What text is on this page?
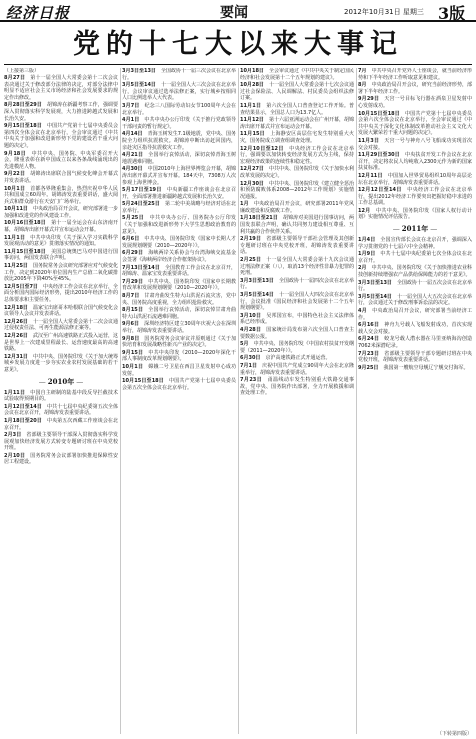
经济日报	要闻	2012年10月31日 星期三 3版
党的十七大以来大事记

（上接第三版）

8月27日　 第十一届全国人大常委会第十二次会议表决通过关于修改部分法律的决定，对部分法律中明显不适应社会主义市场经济和社会发展要求的规定作出修改。

8月28日至29日　 胡锦涛在新疆考察工作，强调要深入贯彻落实科学发展观，大力推进跨越式发展和长治久安。

9月15日至18日　 中国共产党第十七届中央委员会第四次全体会议在北京举行，全会审议通过《中共中央关于加强和改进新形势下党的建设若干重大问题的决定》。

9月18日　 中共中央、国务院、中央军委召开大会，隆重表彰在新中国成立以来各条战线涌现出的先进模范人物。

9月22日　 胡锦涛出席联合国气候变化峰会开幕式并发表讲话。

10月1日　 首都各界隆重集会，热烈庆祝中华人民共和国成立60周年。胡锦涛发表重要讲话，盛大阅兵式和群众游行在天安门广场举行。

10月11日　 中央政治局召开会议，研究部署进一步加强和改进党的作风建设工作。

10月16日至18日　 第十一届全运会在山东济南开幕，胡锦涛出席开幕式并宣布运动会开幕。

11月1日　 中共中央印发《关于深入学习实践科学发展观活动的意见》贯彻落实情况的通知。

11月15日至18日　 美国总统奥巴马对中国进行国事访问，两国发表联合声明。

11月25日　 国务院常务会议研究部署应对气候变化工作，决定到2020年单位国内生产总值二氧化碳排放比2005年下降40%至45%。

12月5日至7日　 中央经济工作会议在北京举行，全面分析国内国际经济形势，提出2010年经济工作的总体要求和主要任务。

12月18日　 温家宝出席哥本哈根联合国气候变化会议领导人会议并发表讲话。

12月26日　 十一届全国人大常委会第十二次会议通过侵权责任法、可再生能源法修正案等。

12月26日　 武汉至广州高速铁路正式投入运营，这是世界上一次建成里程最长、运营速度最高的高速铁路。

12月31日　 中共中央、国务院印发《关于加大统筹城乡发展力度进一步夯实农业农村发展基础的若干意见》。

— 2010年 —

1月11日　 中国自主研制的陆基中段反导拦截技术试验取得预期目的。

1月12日至14日　 中共十七届中央纪委第五次全体会议在北京召开，胡锦涛发表重要讲话。

1月18日至20日　 中央第五次西藏工作座谈会在北京召开。

2月3日　 省部级主要领导干部深入贯彻落实科学发展观加快经济发展方式转变专题研讨班在中央党校开班。

2月10日　 国务院常务会议部署加快推进保障性安居工程建设。

3月3日至13日　 全国政协十一届三次会议在北京举行。

3月5日至14日　 十一届全国人大三次会议在北京举行，会议审议通过选举法修正案，实行城乡按相同人口比例选举人大代表。

3月7日　 纪念三八国际劳动妇女节100周年大会在北京举行。

4月1日　 中共中央办公厅印发《关于推行党政领导干部问责的暂行规定》。

4月14日　 青海玉树发生7.1级地震，党中央、国务院全力组织抗震救灾。胡锦涛中断出访赶回国内，亲赴灾区指导抗震救灾工作。

4月21日　 全国举行哀悼活动，深切哀悼青海玉树地震遇难同胞。

4月30日　 中国2010年上海世界博览会开幕，胡锦涛出席开幕式并宣布开幕。184天中，7308万人次参观上海世博会。

5月17日至19日　 中央新疆工作座谈会在北京召开，全面部署推进新疆跨越式发展和长治久安。

5月24日至25日　 第二轮中美战略与经济对话在北京举行。

5月25日　 中共中央办公厅、国务院办公厅印发《关于加强和改进新形势下大学生思想政治教育的意见》。

6月6日　 中共中央、国务院印发《国家中长期人才发展规划纲要（2010—2020年）》。

6月29日　 海峡两岸关系协会与台湾海峡交流基金会签署《海峡两岸经济合作框架协议》。

7月13日至14日　 全国教育工作会议在北京召开，胡锦涛、温家宝发表重要讲话。

7月29日　 中共中央、国务院印发《国家中长期教育改革和发展规划纲要（2010—2020年）》。

8月7日　 甘肃舟曲发生特大山洪泥石流灾害，党中央、国务院高度重视，全力组织抢险救灾。

8月15日　 全国举行哀悼活动，深切哀悼甘肃舟曲特大山洪泥石流遇难同胞。

9月6日　 深圳经济特区建立30周年庆祝大会在深圳举行，胡锦涛发表重要讲话。

9月8日　 国务院常务会议审议并原则通过《关于加快培育和发展战略性新兴产业的决定》。

9月15日　 中共中央印发《2010—2020年深化干部人事制度改革规划纲要》。

10月1日　 嫦娥二号卫星在西昌卫星发射中心成功发射。

10月15日至18日　 中国共产党第十七届中央委员会第五次全体会议在北京举行。

10月18日　 全会审议通过《中共中央关于制定国民经济和社会发展第十二个五年规划的建议》。

10月28日　 十一届全国人大常委会第十七次会议通过社会保险法、人民调解法、村民委员会组织法修订案。

11月1日　 第六次全国人口普查登记工作开始。普查结果显示，全国总人口为13.7亿人。

11月12日　 第十六届亚洲运动会在广州开幕，胡锦涛出席开幕式并宣布运动会开幕。

11月15日　 上海静安区高层住宅发生特别重大火灾，国务院成立调查组调查处理。

12月10日至12日　 中央经济工作会议在北京举行，强调要以加快转变经济发展方式为主线，保持宏观经济政策的连续性和稳定性。

12月27日　 中共中央、国务院印发《关于加快水利改革发展的决定》。

12月30日　 中共中央、国务院印发《建立健全惩治和预防腐败体系2008—2012年工作规划》实施情况通报。

1月　 中央政治局召开会议，研究部署2011年党风廉政建设和反腐败工作。

1月18日至21日　 胡锦涛对美国进行国事访问，两国发表联合声明，确认共同努力建设相互尊重、互利共赢的合作伙伴关系。

2月19日　 省部级主要领导干部社会管理及其创新专题研讨班在中央党校开班，胡锦涛发表重要讲话。

2月25日　 十一届全国人大常委会第十九次会议通过刑法修正案（八），取消13个经济性非暴力犯罪的死刑。

3月3日至13日　 全国政协十一届四次会议在北京举行。

3月5日至14日　 十一届全国人大四次会议在北京举行，会议批准《国民经济和社会发展第十二个五年规划纲要》。

3月10日　 吴邦国宣布，中国特色社会主义法律体系已经形成。

4月28日　 国家统计局发布第六次全国人口普查主要数据公报。

5月　 中共中央、国务院印发《中国农村扶贫开发纲要（2011—2020年）》。

6月30日　 京沪高速铁路正式开通运营。

7月1日　 庆祝中国共产党成立90周年大会在北京隆重举行，胡锦涛发表重要讲话。

7月23日　 甬温线动车发生特别重大铁路交通事故，党中央、国务院作出部署，全力开展救援和调查处理工作。

7月　 中共中央召开党外人士座谈会，就当前经济形势和下半年经济工作听取意见和建议。

8月　 中央政治局召开会议，研究当前经济形势，部署下半年经济工作。

9月29日　 天宫一号目标飞行器在酒泉卫星发射中心发射成功。

10月15日至18日　 中国共产党第十七届中央委员会第六次全体会议在北京举行，全会审议通过《中共中央关于深化文化体制改革推动社会主义文化大发展大繁荣若干重大问题的决定》。

11月3日　 天宫一号与神舟八号飞船成功实现首次交会对接。

11月29日至30日　 中央扶贫开发工作会议在北京召开，决定将农民人均纯收入2300元作为新的国家扶贫标准。

12月11日　 中国加入世界贸易组织10周年高层论坛在北京举行，胡锦涛发表重要讲话。

12月12日至14日　 中央经济工作会议在北京举行，提出2012年经济工作要突出把握好稳中求进的工作总基调。

12月　 中共中央、国务院印发《国家人权行动计划》实施情况评估报告。

— 2011年 —

1月4日　 全国宣传部长会议在北京召开，强调深入学习贯彻党的十七届六中全会精神。

1月9日　 中共十七届中央纪委第七次全体会议在北京召开。

2月　 中共中央、国务院印发《关于加快推进农业科技创新持续增强农产品供给保障能力的若干意见》。

3月3日至13日　 全国政协十一届五次会议在北京举行。

3月5日至14日　 十一届全国人大五次会议在北京举行，会议通过关于修改刑事诉讼法的决定。

4月　 中央政治局召开会议，研究部署当前经济工作。

6月16日　 神舟九号载人飞船发射成功，首次实现载人交会对接。

6月24日　 蛟龙号载人潜水器在马里亚纳海沟创造7062米深潜纪录。

7月23日　 省部级主要领导干部专题研讨班在中央党校开班，胡锦涛发表重要讲话。

9月25日　 我国第一艘航空母舰辽宁舰交付海军。

（下转第四版）
